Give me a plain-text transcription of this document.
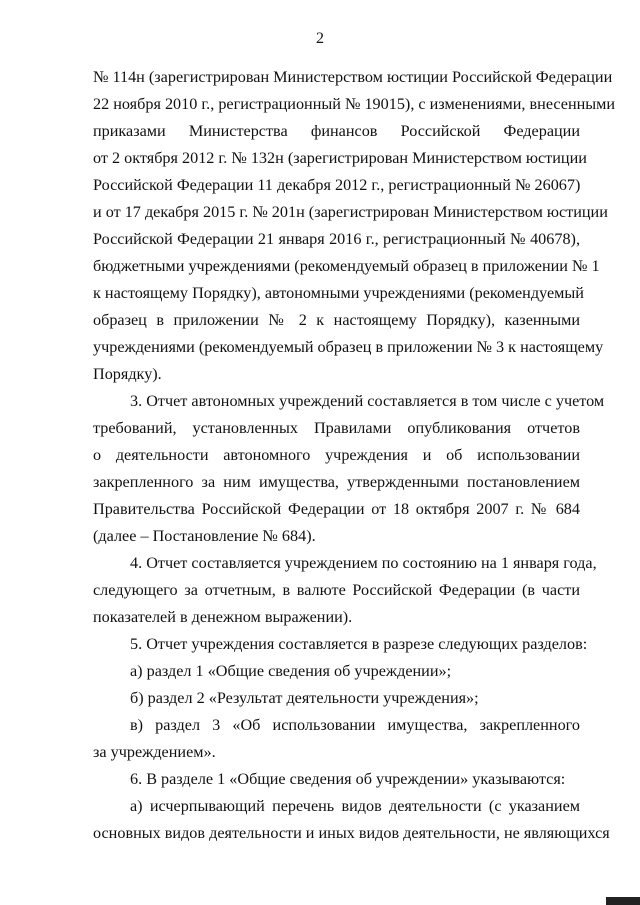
2
№ 114н (зарегистрирован Министерством юстиции Российской Федерации
22 ноября 2010 г., регистрационный № 19015), с изменениями, внесенными
приказами Министерства финансов Российской Федерации
от 2 октября 2012 г. № 132н (зарегистрирован Министерством юстиции
Российской Федерации 11 декабря 2012 г., регистрационный № 26067)
и от 17 декабря 2015 г. № 201н (зарегистрирован Министерством юстиции
Российской Федерации 21 января 2016 г., регистрационный № 40678),
бюджетными учреждениями (рекомендуемый образец в приложении № 1
к настоящему Порядку), автономными учреждениями (рекомендуемый
образец в приложении № 2 к настоящему Порядку), казенными
учреждениями (рекомендуемый образец в приложении № 3 к настоящему
Порядку).
3. Отчет автономных учреждений составляется в том числе с учетом
требований, установленных Правилами опубликования отчетов
о деятельности автономного учреждения и об использовании
закрепленного за ним имущества, утвержденными постановлением
Правительства Российской Федерации от 18 октября 2007 г. № 684
(далее – Постановление № 684).
4. Отчет составляется учреждением по состоянию на 1 января года,
следующего за отчетным, в валюте Российской Федерации (в части
показателей в денежном выражении).
5. Отчет учреждения составляется в разрезе следующих разделов:
а) раздел 1 «Общие сведения об учреждении»;
б) раздел 2 «Результат деятельности учреждения»;
в) раздел 3 «Об использовании имущества, закрепленного
за учреждением».
6. В разделе 1 «Общие сведения об учреждении» указываются:
а) исчерпывающий перечень видов деятельности (с указанием
основных видов деятельности и иных видов деятельности, не являющихся
